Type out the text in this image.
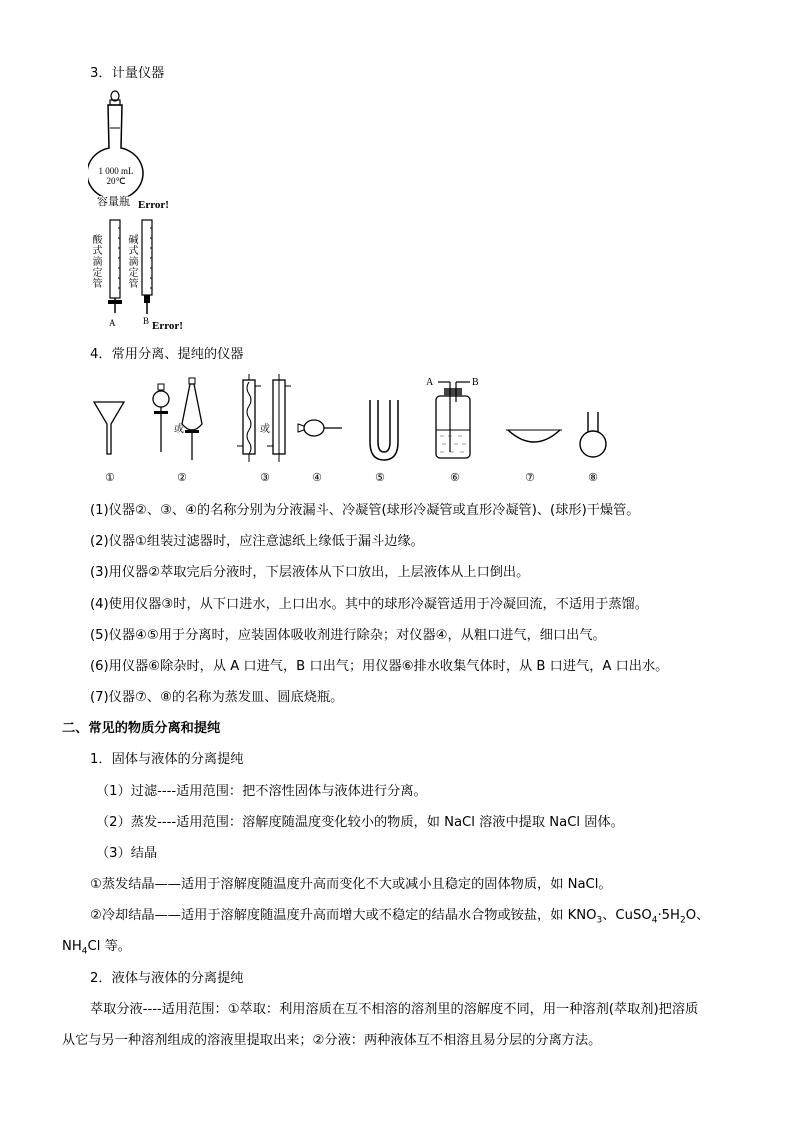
3．计量仪器
1 000 mL
20℃
容量瓶 Error!
酸式滴定管
碱式滴定管
A	B Error!
4．常用分离、提纯的仪器
或	或
A	B
①	②	③	④	⑤	⑥	⑦	⑧
(1)仪器②、③、④的名称分别为分液漏斗、冷凝管(球形冷凝管或直形冷凝管)、(球形)干燥管。
(2)仪器①组装过滤器时，应注意滤纸上缘低于漏斗边缘。
(3)用仪器②萃取完后分液时，下层液体从下口放出，上层液体从上口倒出。
(4)使用仪器③时，从下口进水，上口出水。其中的球形冷凝管适用于冷凝回流，不适用于蒸馏。
(5)仪器④⑤用于分离时，应装固体吸收剂进行除杂；对仪器④，从粗口进气，细口出气。
(6)用仪器⑥除杂时，从 A 口进气，B 口出气；用仪器⑥排水收集气体时，从 B 口进气，A 口出水。
(7)仪器⑦、⑧的名称为蒸发皿、圆底烧瓶。
二、常见的物质分离和提纯
1．固体与液体的分离提纯
（1）过滤----适用范围：把不溶性固体与液体进行分离。
（2）蒸发----适用范围：溶解度随温度变化较小的物质，如 NaCl 溶液中提取 NaCl 固体。
（3）结晶
①蒸发结晶——适用于溶解度随温度升高而变化不大或减小且稳定的固体物质，如 NaCl。
②冷却结晶——适用于溶解度随温度升高而增大或不稳定的结晶水合物或铵盐，如 $KNO_3$、$CuSO_4\cdot 5H_2O$、
$NH_4Cl$ 等。
2．液体与液体的分离提纯
萃取分液----适用范围：①萃取：利用溶质在互不相溶的溶剂里的溶解度不同，用一种溶剂(萃取剂)把溶质
从它与另一种溶剂组成的溶液里提取出来；②分液：两种液体互不相溶且易分层的分离方法。
